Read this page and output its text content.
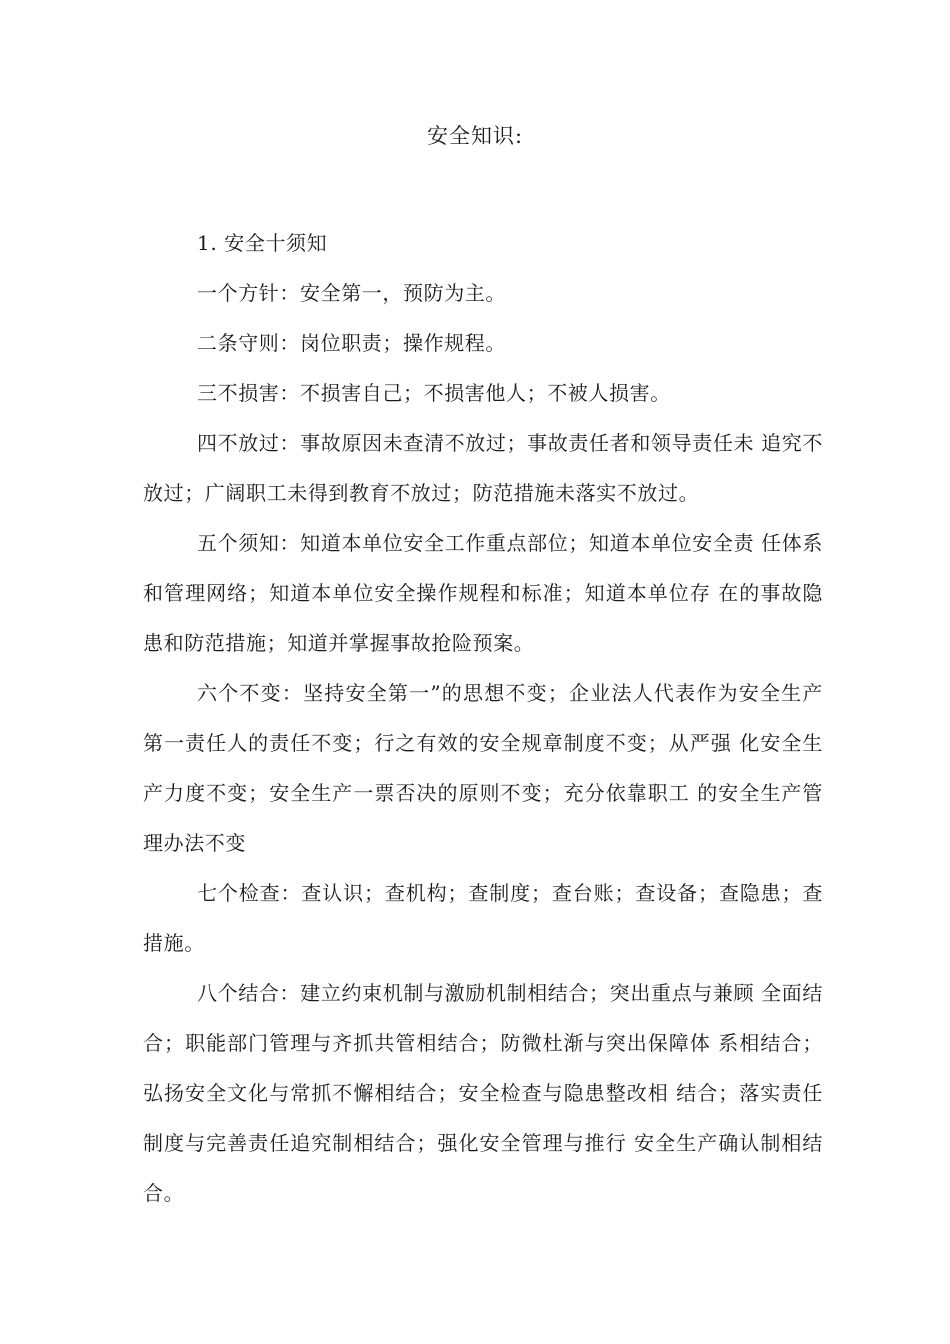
安全知识:

1. 安全十须知

一个方针：安全第一，预防为主。

二条守则：岗位职责；操作规程。

三不损害：不损害自己；不损害他人；不被人损害。

四不放过：事故原因未查清不放过；事故责任者和领导责任未 追究不放过；广阔职工未得到教育不放过；防范措施未落实不放过。

五个须知：知道本单位安全工作重点部位；知道本单位安全责 任体系和管理网络；知道本单位安全操作规程和标准；知道本单位存 在的事故隐患和防范措施；知道并掌握事故抢险预案。

六个不变：坚持安全第一”的思想不变；企业法人代表作为安全生产第一责任人的责任不变；行之有效的安全规章制度不变；从严强 化安全生产力度不变；安全生产一票否决的原则不变；充分依靠职工 的安全生产管理办法不变

七个检查：查认识；查机构；查制度；查台账；查设备；查隐患；查措施。

八个结合：建立约束机制与激励机制相结合；突出重点与兼顾 全面结合；职能部门管理与齐抓共管相结合；防微杜渐与突出保障体 系相结合；弘扬安全文化与常抓不懈相结合；安全检查与隐患整改相 结合；落实责任制度与完善责任追究制相结合；强化安全管理与推行 安全生产确认制相结合。
